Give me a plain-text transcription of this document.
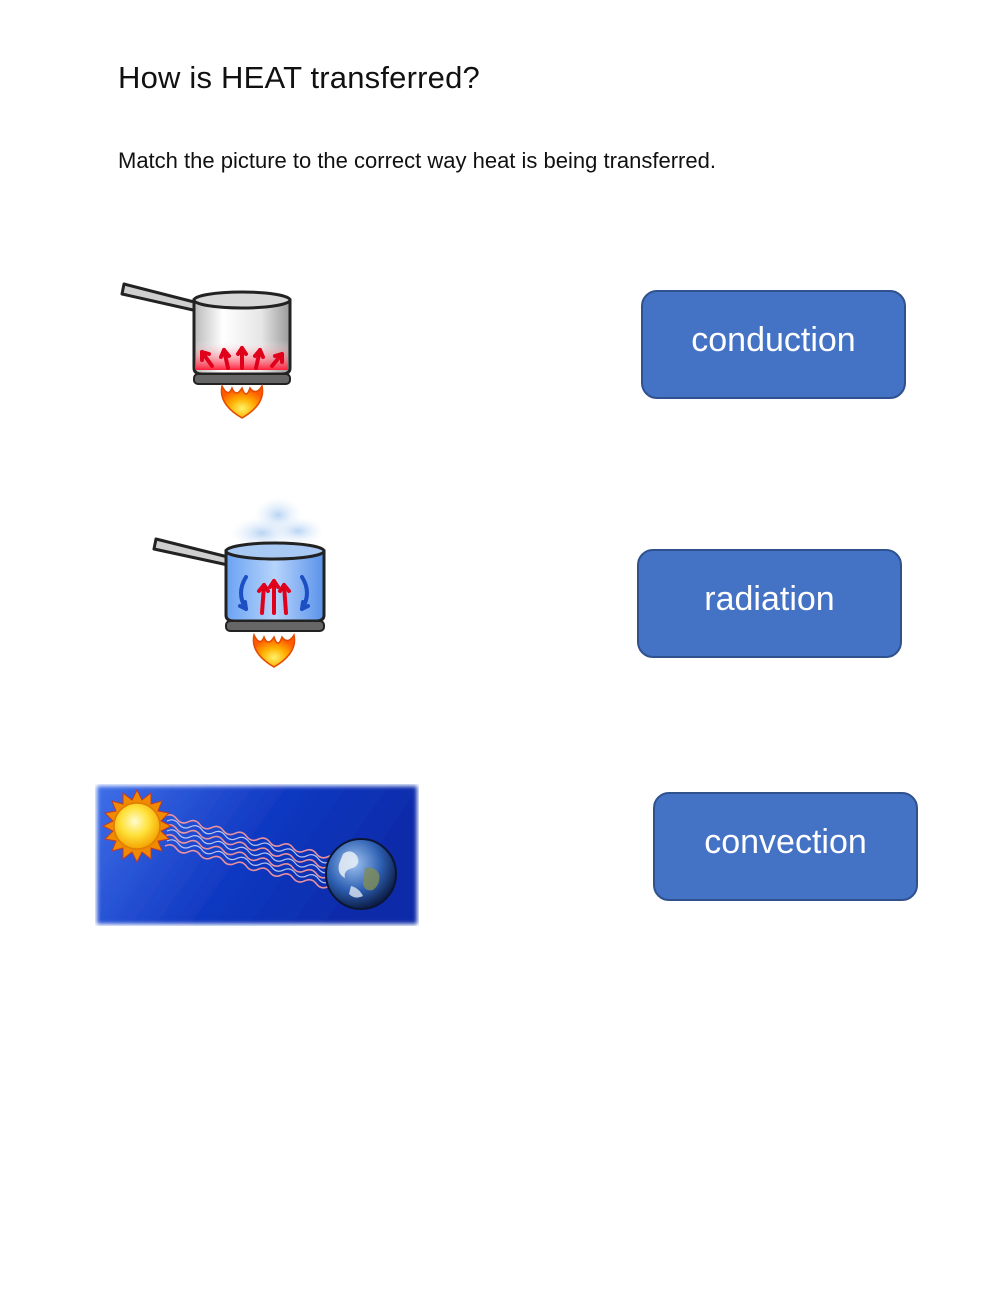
How is HEAT transferred?

Match the picture to the correct way heat is being transferred.

conduction
radiation
convection
